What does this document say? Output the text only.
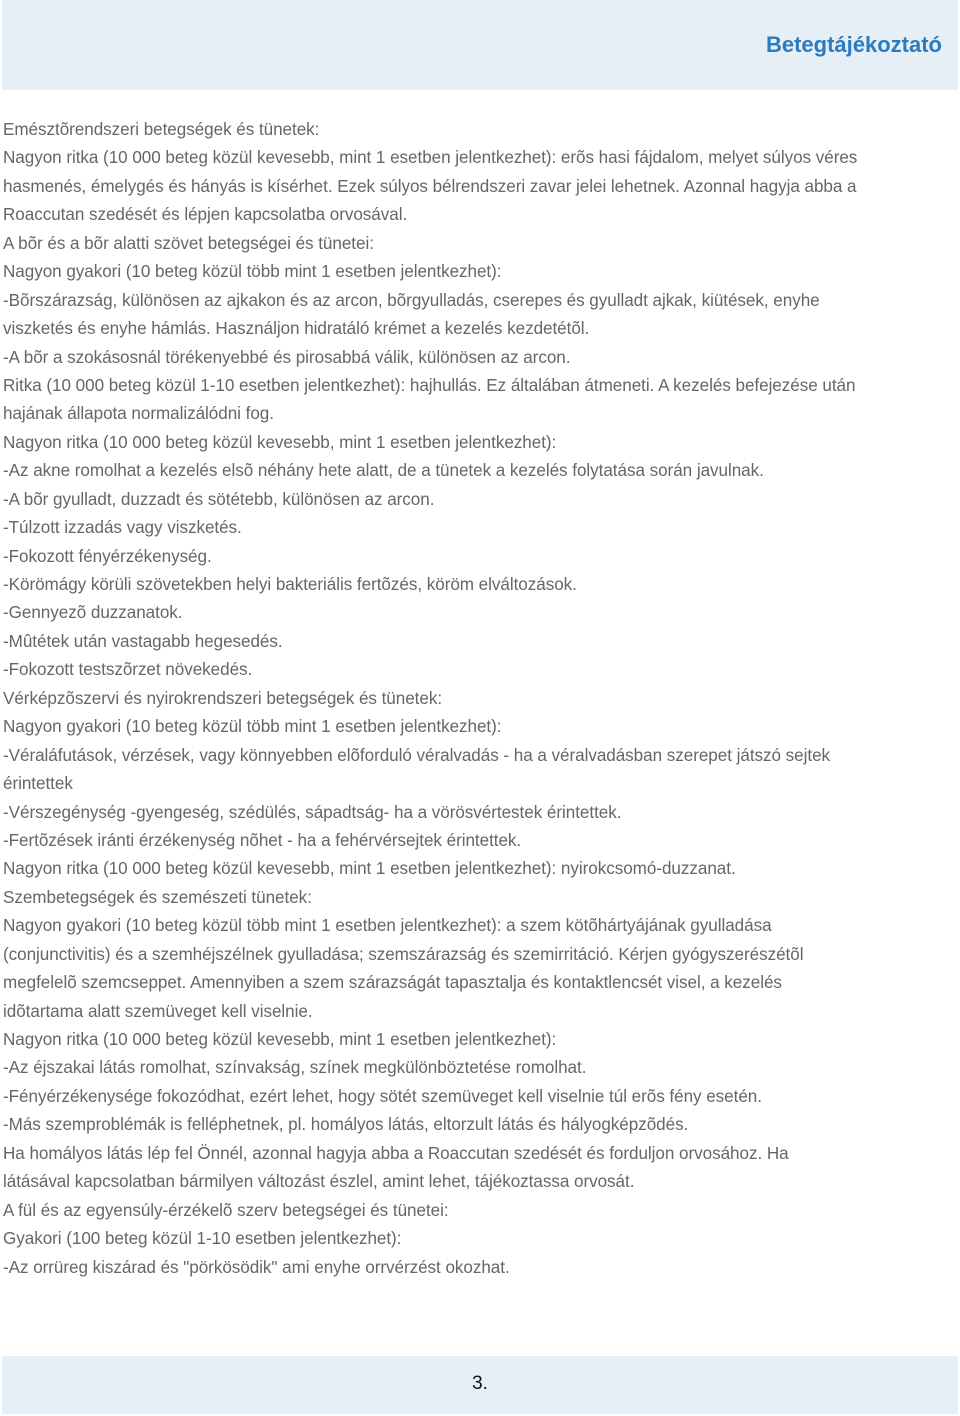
Betegtájékoztató
Emésztõrendszeri betegségek és tünetek:
Nagyon ritka (10 000 beteg közül kevesebb, mint 1 esetben jelentkezhet): erõs hasi fájdalom, melyet súlyos véres
hasmenés, émelygés és hányás is kísérhet. Ezek súlyos bélrendszeri zavar jelei lehetnek. Azonnal hagyja abba a
Roaccutan szedését és lépjen kapcsolatba orvosával.
A bõr és a bõr alatti szövet betegségei és tünetei:
Nagyon gyakori (10 beteg közül több mint 1 esetben jelentkezhet):
-Bõrszárazság, különösen az ajkakon és az arcon, bõrgyulladás, cserepes és gyulladt ajkak, kiütések, enyhe
viszketés és enyhe hámlás. Használjon hidratáló krémet a kezelés kezdetétõl.
-A bõr a szokásosnál törékenyebbé és pirosabbá válik, különösen az arcon.
Ritka (10 000 beteg közül 1-10 esetben jelentkezhet): hajhullás. Ez általában átmeneti. A kezelés befejezése után
hajának állapota normalizálódni fog.
Nagyon ritka (10 000 beteg közül kevesebb, mint 1 esetben jelentkezhet):
-Az akne romolhat a kezelés elsõ néhány hete alatt, de a tünetek a kezelés folytatása során javulnak.
-A bõr gyulladt, duzzadt és sötétebb, különösen az arcon.
-Túlzott izzadás vagy viszketés.
-Fokozott fényérzékenység.
-Körömágy körüli szövetekben helyi bakteriális fertõzés, köröm elváltozások.
-Gennyezõ duzzanatok.
-Mûtétek után vastagabb hegesedés.
-Fokozott testszõrzet növekedés.
Vérképzõszervi és nyirokrendszeri betegségek és tünetek:
Nagyon gyakori (10 beteg közül több mint 1 esetben jelentkezhet):
-Véraláfutások, vérzések, vagy könnyebben elõforduló véralvadás - ha a véralvadásban szerepet játszó sejtek
érintettek
-Vérszegénység -gyengeség, szédülés, sápadtság- ha a vörösvértestek érintettek.
-Fertõzések iránti érzékenység nõhet - ha a fehérvérsejtek érintettek.
Nagyon ritka (10 000 beteg közül kevesebb, mint 1 esetben jelentkezhet): nyirokcsomó-duzzanat.
Szembetegségek és szemészeti tünetek:
Nagyon gyakori (10 beteg közül több mint 1 esetben jelentkezhet): a szem kötõhártyájának gyulladása
(conjunctivitis) és a szemhéjszélnek gyulladása; szemszárazság és szemirritáció. Kérjen gyógyszerészétõl
megfelelõ szemcseppet. Amennyiben a szem szárazságát tapasztalja és kontaktlencsét visel, a kezelés
idõtartama alatt szemüveget kell viselnie.
Nagyon ritka (10 000 beteg közül kevesebb, mint 1 esetben jelentkezhet):
-Az éjszakai látás romolhat, színvakság, színek megkülönböztetése romolhat.
-Fényérzékenysége fokozódhat, ezért lehet, hogy sötét szemüveget kell viselnie túl erõs fény esetén.
-Más szemproblémák is felléphetnek, pl. homályos látás, eltorzult látás és hályogképzõdés.
Ha homályos látás lép fel Önnél, azonnal hagyja abba a Roaccutan szedését és forduljon orvosához. Ha
látásával kapcsolatban bármilyen változást észlel, amint lehet, tájékoztassa orvosát.
A fül és az egyensúly-érzékelõ szerv betegségei és tünetei:
Gyakori (100 beteg közül 1-10 esetben jelentkezhet):
-Az orrüreg kiszárad és "pörkösödik" ami enyhe orrvérzést okozhat.
3.
